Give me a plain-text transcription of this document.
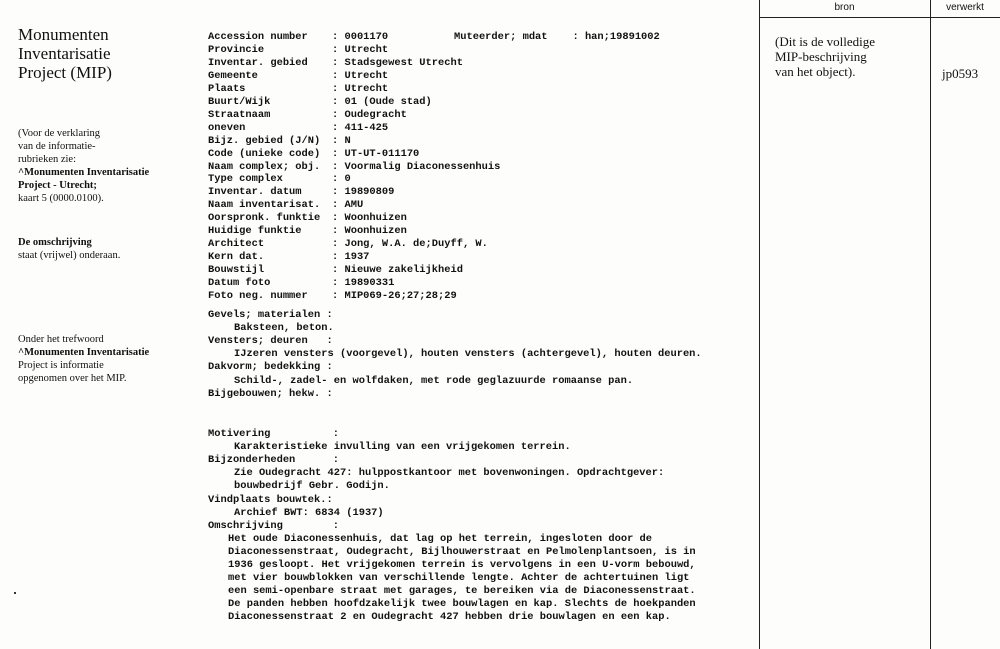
Monumenten
Inventarisatie
Project (MIP)
(Voor de verklaring
van de informatie-
rubrieken zie:
^Monumenten Inventarisatie
Project - Utrecht;
kaart 5 (0000.0100).
De omschrijving
staat (vrijwel) onderaan.
Onder het trefwoord
^Monumenten Inventarisatie
Project is informatie
opgenomen over het MIP.
Muteerder; mdat    : han;19891002
Accession number : 0001170
Provincie	: Utrecht
Inventar. gebied : Stadsgewest Utrecht
Gemeente	: Utrecht
Plaats	: Utrecht
Buurt/Wijk	: 01 (Oude stad)
Straatnaam	: Oudegracht
oneven	: 411-425
Bijz. gebied (J/N) : N
Code (unieke code) : UT-UT-011170
Naam complex; obj. : Voormalig Diaconessenhuis
Type complex	: 0
Inventar. datum	: 19890809
Naam inventarisat. : AMU
Oorspronk. funktie : Woonhuizen
Huidige funktie	: Woonhuizen
Architect	: Jong, W.A. de;Duyff, W.
Kern dat.	: 1937
Bouwstijl	: Nieuwe zakelijkheid
Datum foto	: 19890331
Foto neg. nummer : MIP069-26;27;28;29
Gevels; materialen :
Baksteen, beton.
Vensters; deuren   :
IJzeren vensters (voorgevel), houten vensters (achtergevel), houten deuren.
Dakvorm; bedekking :
Schild-, zadel- en wolfdaken, met rode geglazuurde romaanse pan.
Bijgebouwen; hekw. :
Motivering          :
Karakteristieke invulling van een vrijgekomen terrein.
Bijzonderheden      :
Zie Oudegracht 427: hulppostkantoor met bovenwoningen. Opdrachtgever:
bouwbedrijf Gebr. Godijn.
Vindplaats bouwtek.:
Archief BWT: 6834 (1937)
Omschrijving        :
Het oude Diaconessenhuis, dat lag op het terrein, ingesloten door de
Diaconessenstraat, Oudegracht, Bijlhouwerstraat en Pelmolenplantsoen, is in
1936 gesloopt. Het vrijgekomen terrein is vervolgens in een U-vorm bebouwd,
met vier bouwblokken van verschillende lengte. Achter de achtertuinen ligt
een semi-openbare straat met garages, te bereiken via de Diaconessenstraat.
De panden hebben hoofdzakelijk twee bouwlagen en kap. Slechts de hoekpanden
Diaconessenstraat 2 en Oudegracht 427 hebben drie bouwlagen en een kap.
bron	verwerkt
(Dit is de volledige
MIP-beschrijving
van het object).	jp0593
